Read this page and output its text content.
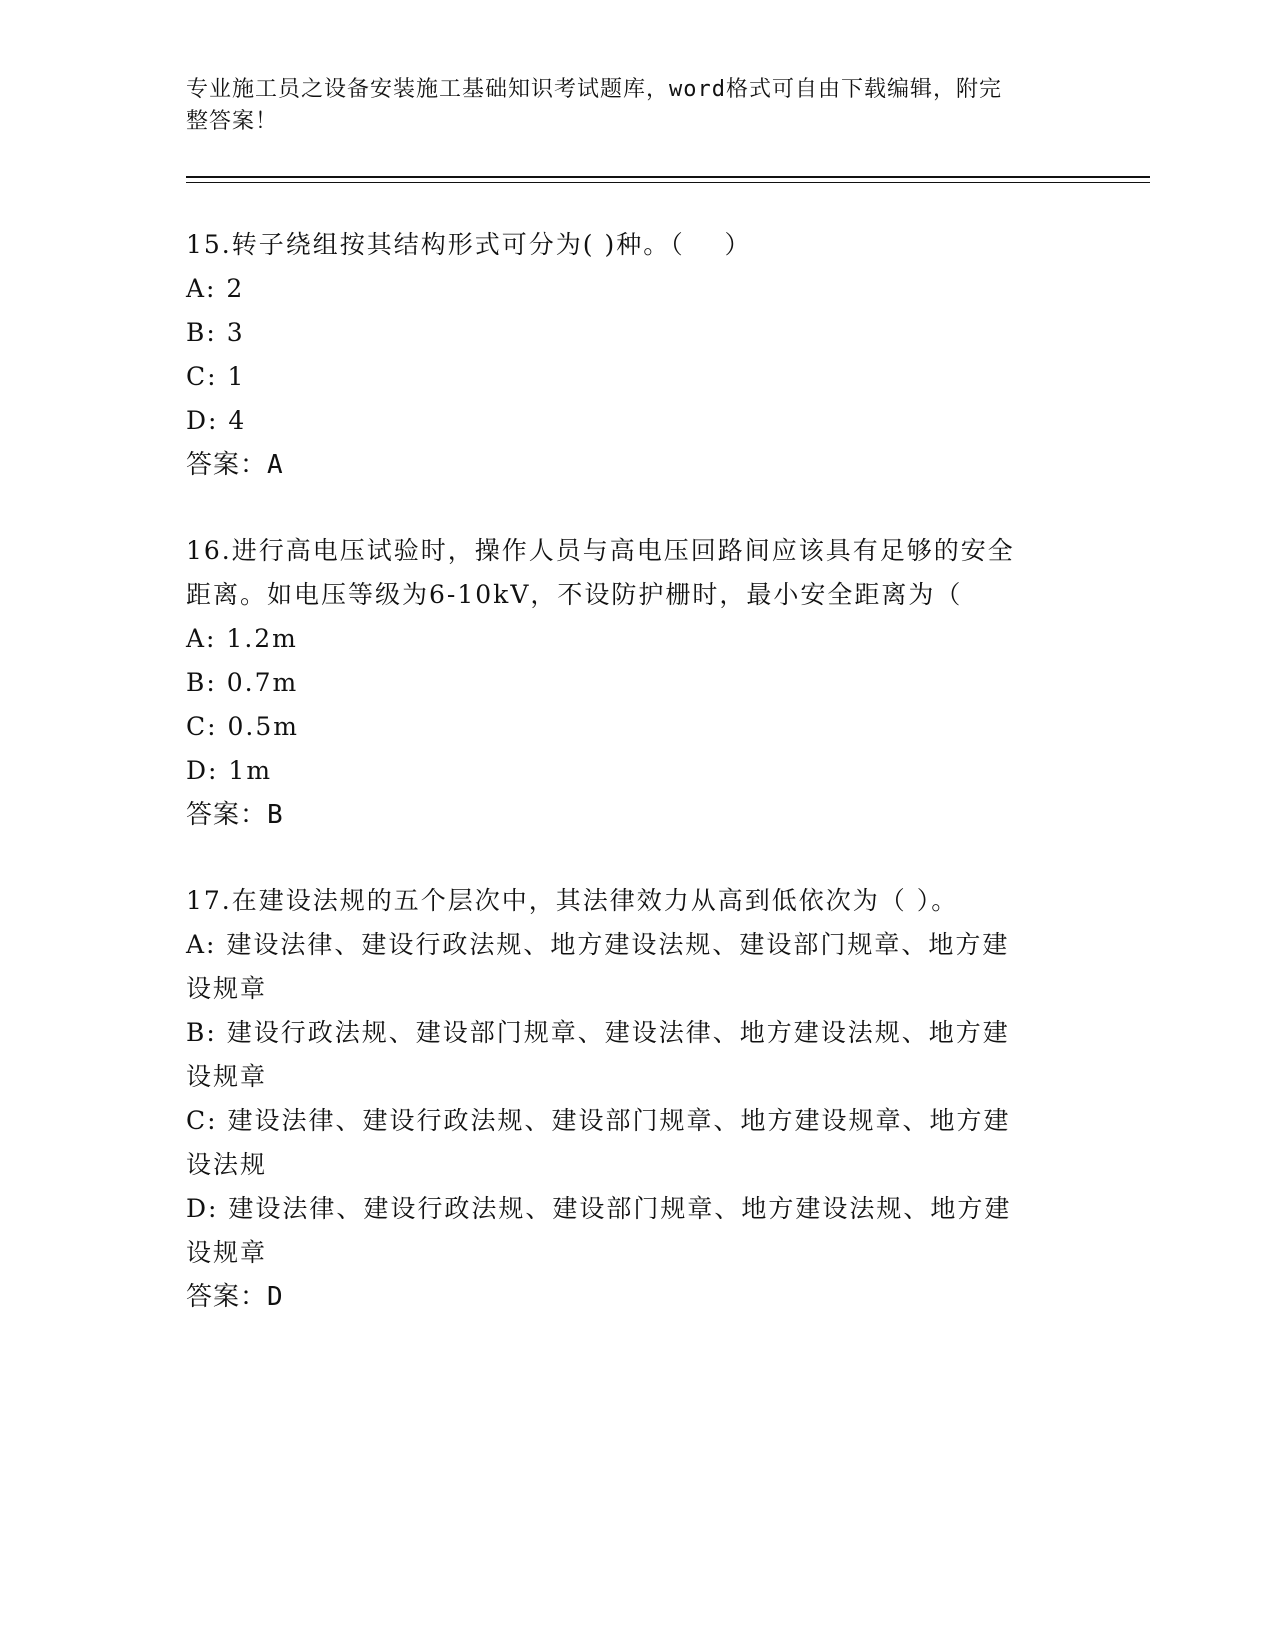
专业施工员之设备安装施工基础知识考试题库，word格式可自由下载编辑，附完
整答案！
15.转子绕组按其结构形式可分为( )种。（    ）
A: 2
B: 3
C: 1
D: 4
答案：A
16.进行高电压试验时，操作人员与高电压回路间应该具有足够的安全
距离。如电压等级为6-10kV，不设防护栅时，最小安全距离为（
A: 1.2m
B: 0.7m
C: 0.5m
D: 1m
答案：B
17.在建设法规的五个层次中，其法律效力从高到低依次为（ ）。
A: 建设法律、建设行政法规、地方建设法规、建设部门规章、地方建
设规章
B: 建设行政法规、建设部门规章、建设法律、地方建设法规、地方建
设规章
C: 建设法律、建设行政法规、建设部门规章、地方建设规章、地方建
设法规
D: 建设法律、建设行政法规、建设部门规章、地方建设法规、地方建
设规章
答案：D
